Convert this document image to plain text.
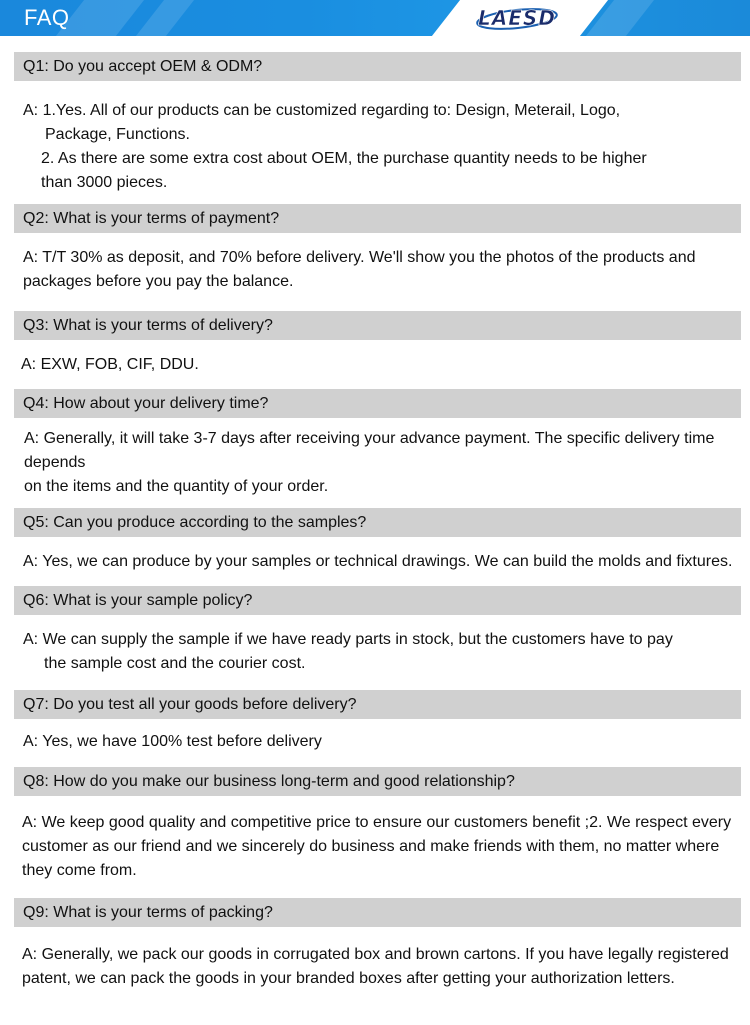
FAQ	LAESD
Q1: Do you accept OEM & ODM?
A: 1.Yes. All of our products can be customized regarding to: Design, Meterail, Logo,
Package, Functions.
2. As there are some extra cost about OEM, the purchase quantity needs to be higher
than 3000 pieces.
Q2: What is your terms of payment?
A: T/T 30% as deposit, and 70% before delivery. We'll show you the photos of the products and
packages before you pay the balance.
Q3: What is your terms of delivery?
A: EXW, FOB, CIF, DDU.
Q4: How about your delivery time?
A: Generally, it will take 3-7 days after receiving your advance payment. The specific delivery time
depends
on the items and the quantity of your order.
Q5: Can you produce according to the samples?
A: Yes, we can produce by your samples or technical drawings. We can build the molds and fixtures.
Q6: What is your sample policy?
A: We can supply the sample if we have ready parts in stock, but the customers have to pay
the sample cost and the courier cost.
Q7: Do you test all your goods before delivery?
A: Yes, we have 100% test before delivery
Q8: How do you make our business long-term and good relationship?
A: We keep good quality and competitive price to ensure our customers benefit ;2. We respect every
customer as our friend and we sincerely do business and make friends with them, no matter where
they come from.
Q9: What is your terms of packing?
A: Generally, we pack our goods in corrugated box and brown cartons. If you have legally registered
patent, we can pack the goods in your branded boxes after getting your authorization letters.
